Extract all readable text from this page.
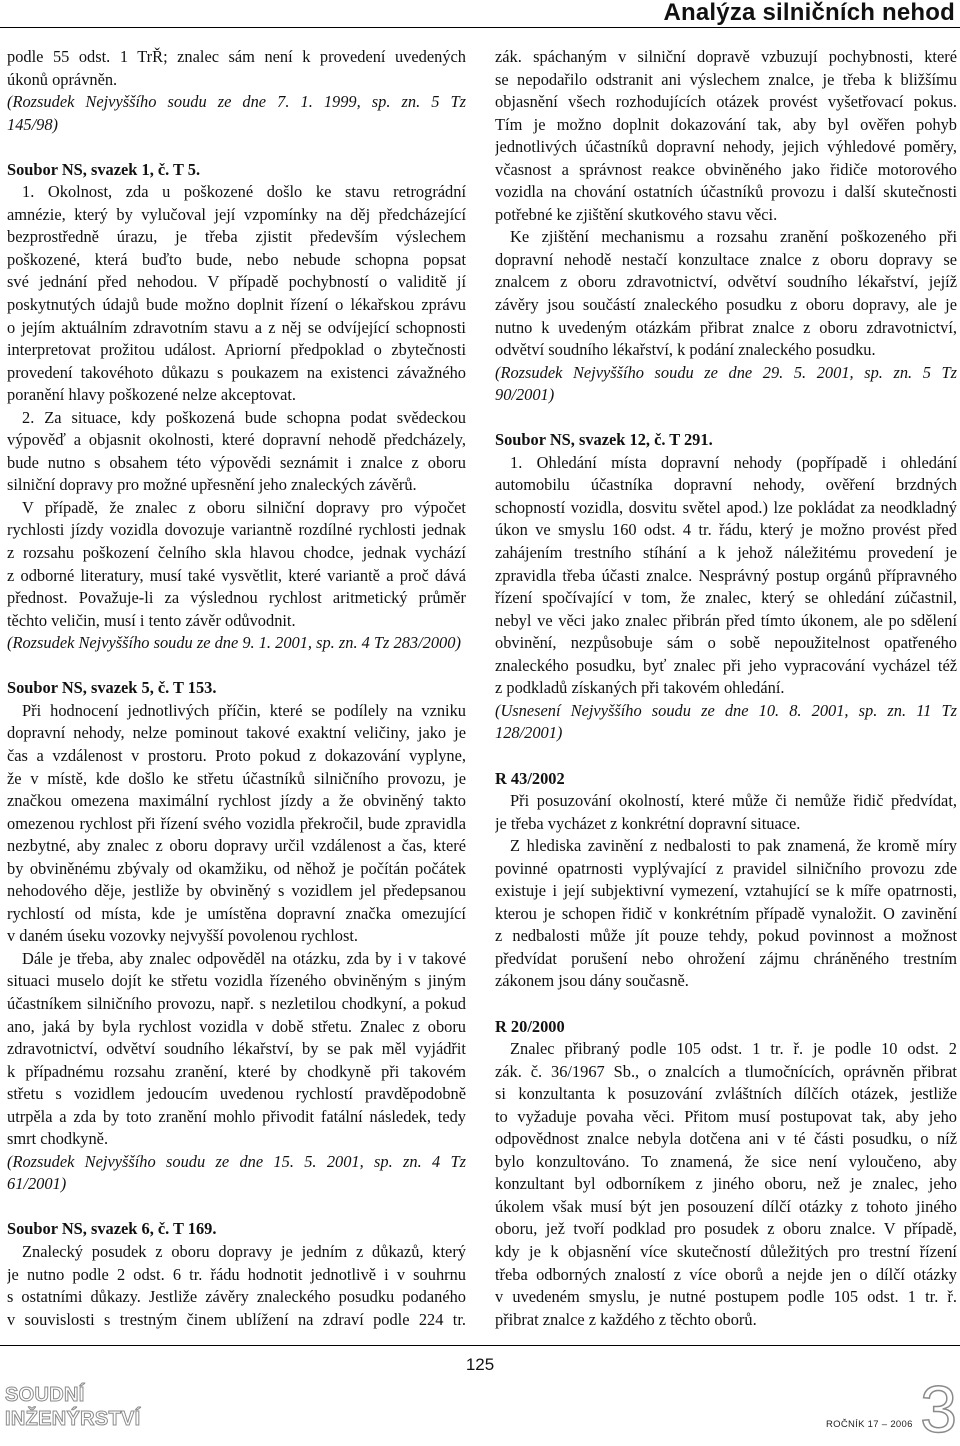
Analýza silničních nehod
podle 55 odst. 1 TrŘ; znalec sám není k provedení uvedených
úkonů oprávněn.
(Rozsudek Nejvyššího soudu ze dne 7. 1. 1999, sp. zn. 5 Tz
145/98)
Soubor NS, svazek 1, č. T 5.
1. Okolnost, zda u poškozené došlo ke stavu retrográdní
amnézie, který by vylučoval její vzpomínky na děj předcházející
bezprostředně úrazu, je třeba zjistit především výslechem
poškozené, která buďto bude, nebo nebude schopna popsat
své jednání před nehodou. V případě pochybností o validitě jí
poskytnutých údajů bude možno doplnit řízení o lékařskou zprávu
o jejím aktuálním zdravotním stavu a z něj se odvíjející schopnosti
interpretovat prožitou událost. Apriorní předpoklad o zbytečnosti
provedení takovéhoto důkazu s poukazem na existenci závažného
poranění hlavy poškozené nelze akceptovat.
2. Za situace, kdy poškozená bude schopna podat svědeckou
výpověď a objasnit okolnosti, které dopravní nehodě předcházely,
bude nutno s obsahem této výpovědi seznámit i znalce z oboru
silniční dopravy pro možné upřesnění jeho znaleckých závěrů.
V případě, že znalec z oboru silniční dopravy pro výpočet
rychlosti jízdy vozidla dovozuje variantně rozdílné rychlosti jednak
z rozsahu poškození čelního skla hlavou chodce, jednak vychází
z odborné literatury, musí také vysvětlit, které variantě a proč dává
přednost. Považuje-li za výslednou rychlost aritmetický průměr
těchto veličin, musí i tento závěr odůvodnit.
(Rozsudek Nejvyššího soudu ze dne 9. 1. 2001, sp. zn. 4 Tz 283/2000)
Soubor NS, svazek 5, č. T 153.
Při hodnocení jednotlivých příčin, které se podílely na vzniku
dopravní nehody, nelze pominout takové exaktní veličiny, jako je
čas a vzdálenost v prostoru. Proto pokud z dokazování vyplyne,
že v místě, kde došlo ke střetu účastníků silničního provozu, je
značkou omezena maximální rychlost jízdy a že obviněný takto
omezenou rychlost při řízení svého vozidla překročil, bude zpravidla
nezbytné, aby znalec z oboru dopravy určil vzdálenost a čas, které
by obviněnému zbývaly od okamžiku, od něhož je počítán počátek
nehodového děje, jestliže by obviněný s vozidlem jel předepsanou
rychlostí od místa, kde je umístěna dopravní značka omezující
v daném úseku vozovky nejvyšší povolenou rychlost.
Dále je třeba, aby znalec odpověděl na otázku, zda by i v takové
situaci muselo dojít ke střetu vozidla řízeného obviněným s jiným
účastníkem silničního provozu, např. s nezletilou chodkyní, a pokud
ano, jaká by byla rychlost vozidla v době střetu. Znalec z oboru
zdravotnictví, odvětví soudního lékařství, by se pak měl vyjádřit
k případnému rozsahu zranění, které by chodkyně při takovém
střetu s vozidlem jedoucím uvedenou rychlostí pravděpodobně
utrpěla a zda by toto zranění mohlo přivodit fatální následek, tedy
smrt chodkyně.
(Rozsudek Nejvyššího soudu ze dne 15. 5. 2001, sp. zn. 4 Tz
61/2001)
Soubor NS, svazek 6, č. T 169.
Znalecký posudek z oboru dopravy je jedním z důkazů, který
je nutno podle 2 odst. 6 tr. řádu hodnotit jednotlivě i v souhrnu
s ostatními důkazy. Jestliže závěry znaleckého posudku podaného
v souvislosti s trestným činem ublížení na zdraví podle 224 tr.
zák. spáchaným v silniční dopravě vzbuzují pochybnosti, které
se nepodařilo odstranit ani výslechem znalce, je třeba k bližšímu
objasnění všech rozhodujících otázek provést vyšetřovací pokus.
Tím je možno doplnit dokazování tak, aby byl ověřen pohyb
jednotlivých účastníků dopravní nehody, jejich výhledové poměry,
včasnost a správnost reakce obviněného jako řidiče motorového
vozidla na chování ostatních účastníků provozu i další skutečnosti
potřebné ke zjištění skutkového stavu věci.
Ke zjištění mechanismu a rozsahu zranění poškozeného při
dopravní nehodě nestačí konzultace znalce z oboru dopravy se
znalcem z oboru zdravotnictví, odvětví soudního lékařství, jejíž
závěry jsou součástí znaleckého posudku z oboru dopravy, ale je
nutno k uvedeným otázkám přibrat znalce z oboru zdravotnictví,
odvětví soudního lékařství, k podání znaleckého posudku.
(Rozsudek Nejvyššího soudu ze dne 29. 5. 2001, sp. zn. 5 Tz
90/2001)
Soubor NS, svazek 12, č. T 291.
1. Ohledání místa dopravní nehody (popřípadě i ohledání
automobilu účastníka dopravní nehody, ověření brzdných
schopností vozidla, dosvitu světel apod.) lze pokládat za neodkladný
úkon ve smyslu 160 odst. 4 tr. řádu, který je možno provést před
zahájením trestního stíhání a k jehož náležitému provedení je
zpravidla třeba účasti znalce. Nesprávný postup orgánů přípravného
řízení spočívající v tom, že znalec, který se ohledání zúčastnil,
nebyl ve věci jako znalec přibrán před tímto úkonem, ale po sdělení
obvinění, nezpůsobuje sám o sobě nepoužitelnost opatřeného
znaleckého posudku, byť znalec při jeho vypracování vycházel též
z podkladů získaných při takovém ohledání.
(Usnesení Nejvyššího soudu ze dne 10. 8. 2001, sp. zn. 11 Tz
128/2001)
R 43/2002
Při posuzování okolností, které může či nemůže řidič předvídat,
je třeba vycházet z konkrétní dopravní situace.
Z hlediska zavinění z nedbalosti to pak znamená, že kromě míry
povinné opatrnosti vyplývající z pravidel silničního provozu zde
existuje i její subjektivní vymezení, vztahující se k míře opatrnosti,
kterou je schopen řidič v konkrétním případě vynaložit. O zavinění
z nedbalosti může jít pouze tehdy, pokud povinnost a možnost
předvídat porušení nebo ohrožení zájmu chráněného trestním
zákonem jsou dány současně.
R 20/2000
Znalec přibraný podle 105 odst. 1 tr. ř. je podle 10 odst. 2
zák. č. 36/1967 Sb., o znalcích a tlumočnících, oprávněn přibrat
si konzultanta k posuzování zvláštních dílčích otázek, jestliže
to vyžaduje povaha věci. Přitom musí postupovat tak, aby jeho
odpovědnost znalce nebyla dotčena ani v té části posudku, o níž
bylo konzultováno. To znamená, že sice není vyloučeno, aby
konzultant byl odborníkem z jiného oboru, než je znalec, jeho
úkolem však musí být jen posouzení dílčí otázky z tohoto jiného
oboru, jež tvoří podklad pro posudek z oboru znalce. V případě,
kdy je k objasnění více skutečností důležitých pro trestní řízení
třeba odborných znalostí z více oborů a nejde jen o dílčí otázky
v uvedeném smyslu, je nutné postupem podle 105 odst. 1 tr. ř.
přibrat znalce z každého z těchto oborů.
125
SOUDNÍ
INŽENÝRSTVÍ	ROČNÍK 17 – 2006 3
